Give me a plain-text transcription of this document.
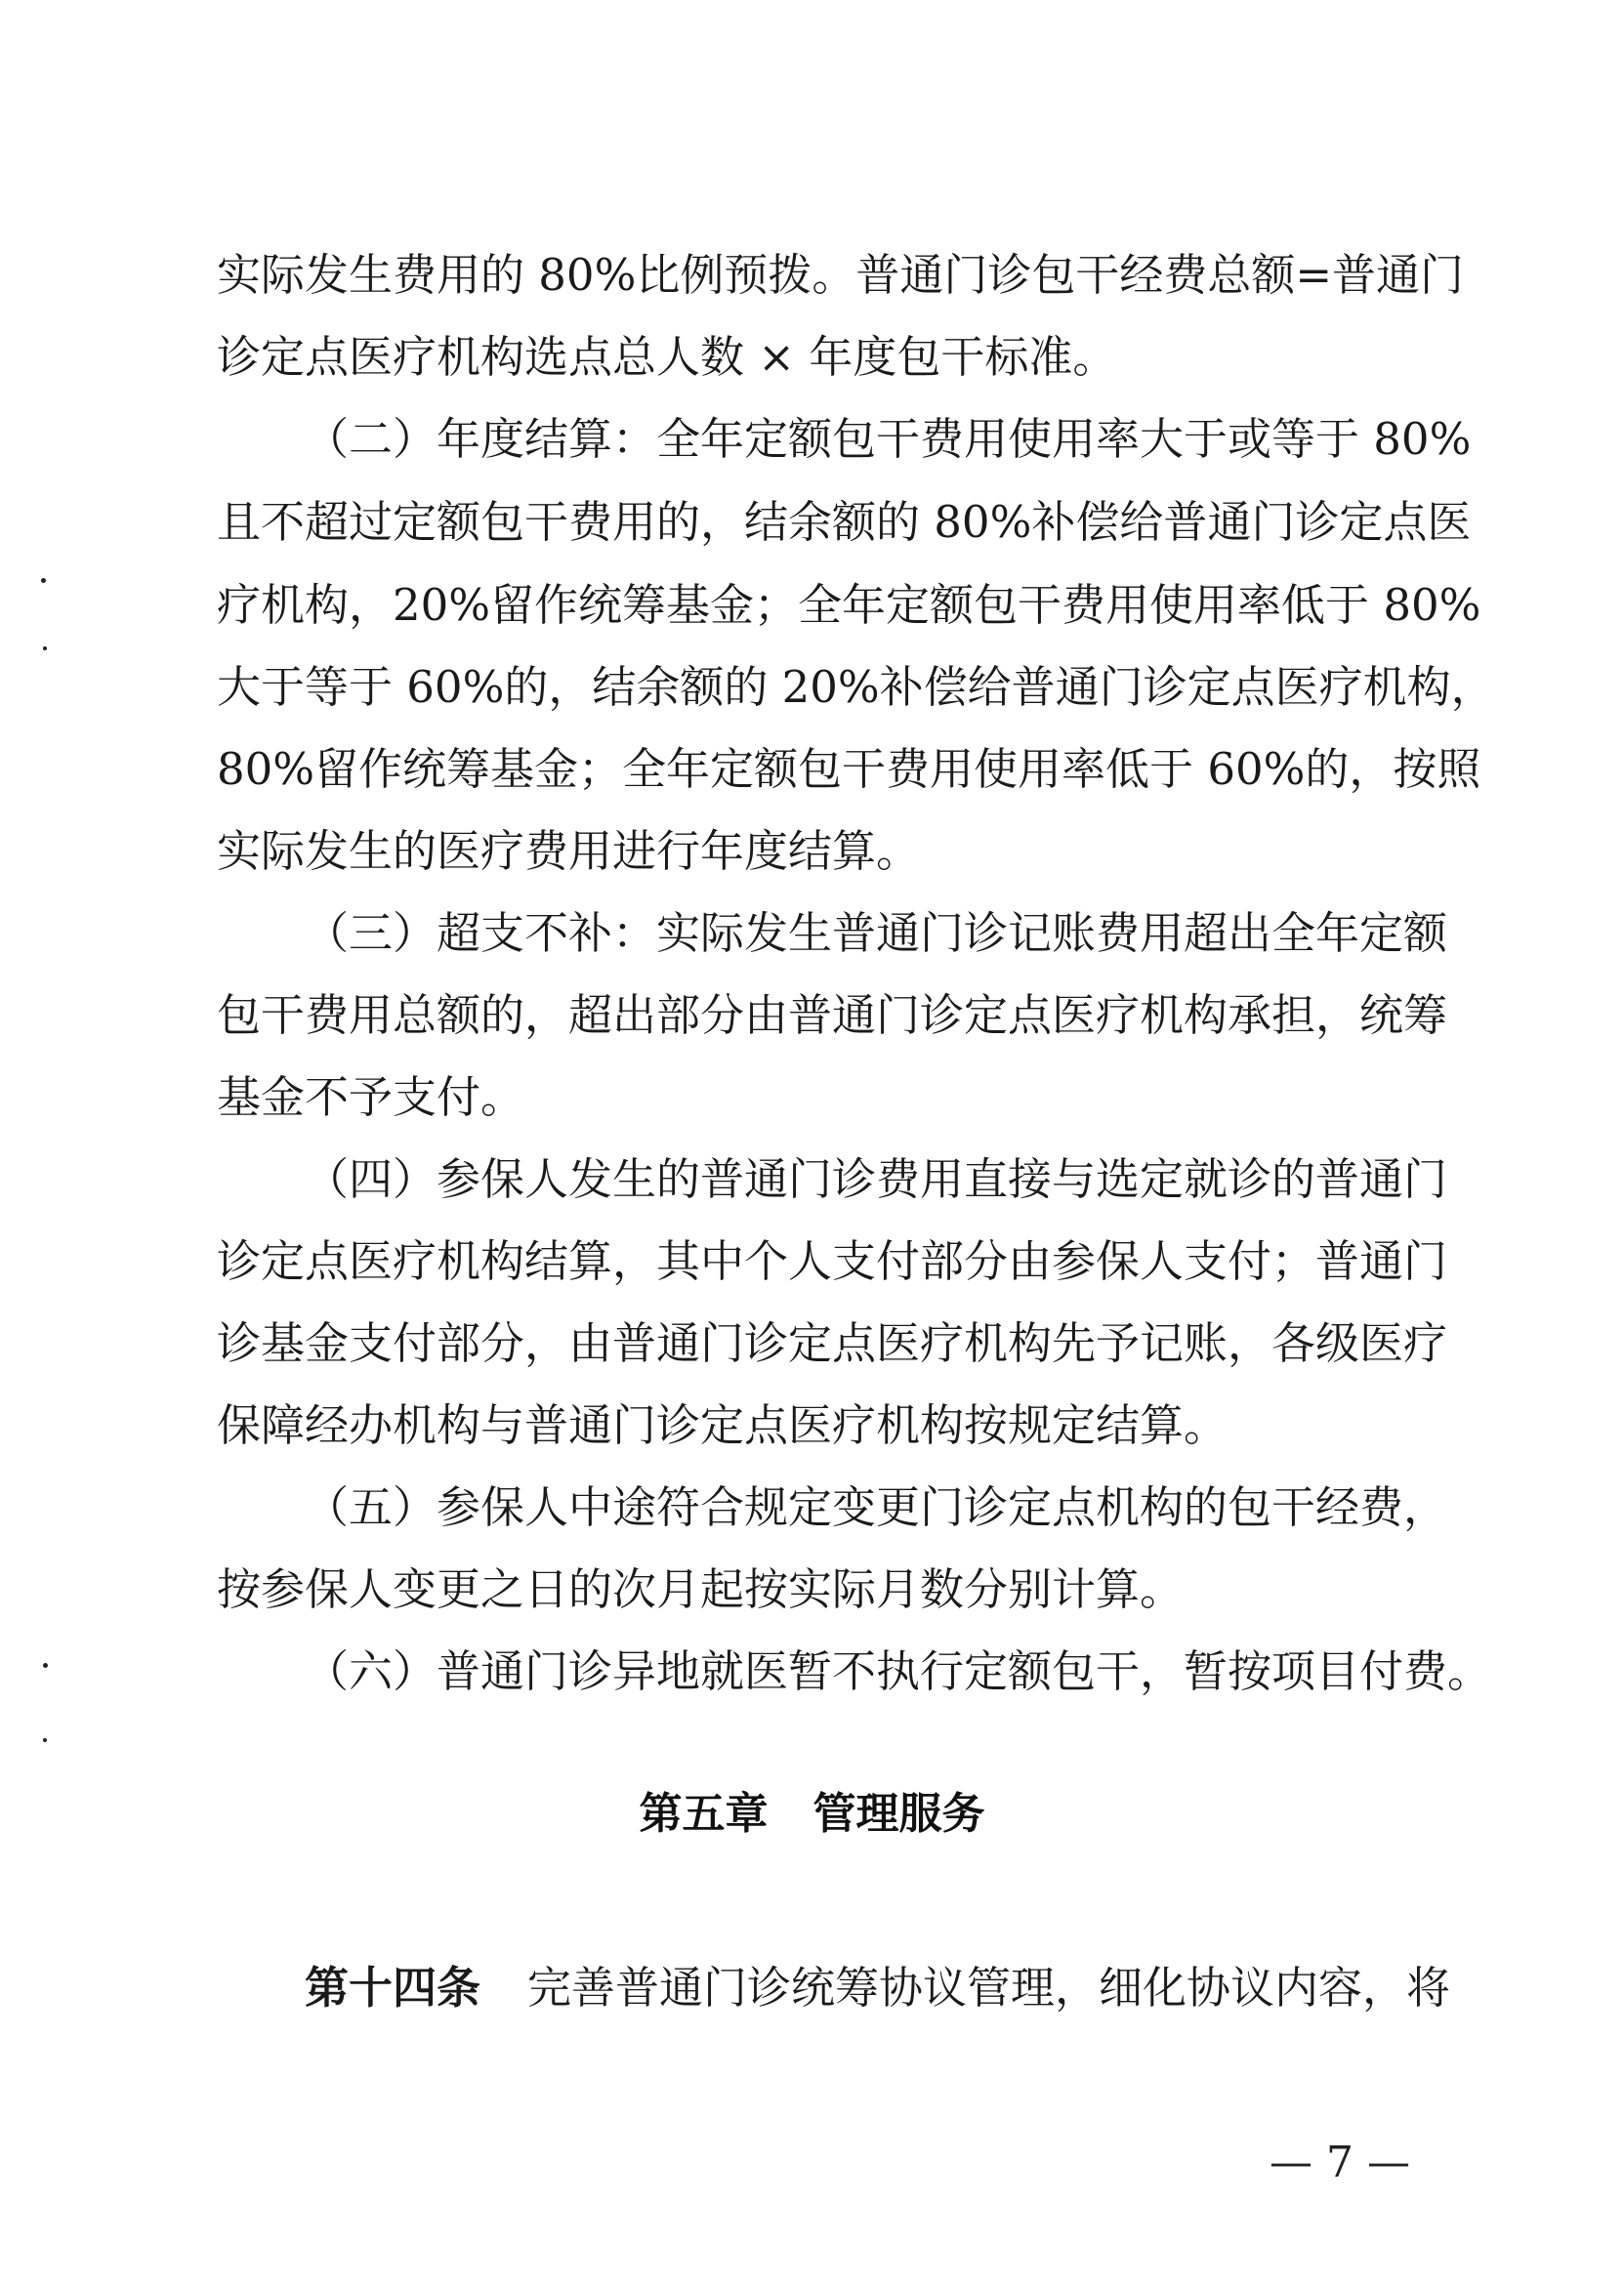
实际发生费用的 80%比例预拨。普通门诊包干经费总额=普通门
诊定点医疗机构选点总人数 × 年度包干标准。
（二）年度结算：全年定额包干费用使用率大于或等于 80%
且不超过定额包干费用的，结余额的 80%补偿给普通门诊定点医
疗机构，20%留作统筹基金；全年定额包干费用使用率低于 80%
大于等于 60%的，结余额的 20%补偿给普通门诊定点医疗机构，
80%留作统筹基金；全年定额包干费用使用率低于 60%的，按照
实际发生的医疗费用进行年度结算。
（三）超支不补：实际发生普通门诊记账费用超出全年定额
包干费用总额的，超出部分由普通门诊定点医疗机构承担，统筹
基金不予支付。
（四）参保人发生的普通门诊费用直接与选定就诊的普通门
诊定点医疗机构结算，其中个人支付部分由参保人支付；普通门
诊基金支付部分，由普通门诊定点医疗机构先予记账，各级医疗
保障经办机构与普通门诊定点医疗机构按规定结算。
（五）参保人中途符合规定变更门诊定点机构的包干经费，
按参保人变更之日的次月起按实际月数分别计算。
（六）普通门诊异地就医暂不执行定额包干，暂按项目付费。
第五章 管理服务
第十四条 完善普通门诊统筹协议管理，细化协议内容，将
— 7 —
